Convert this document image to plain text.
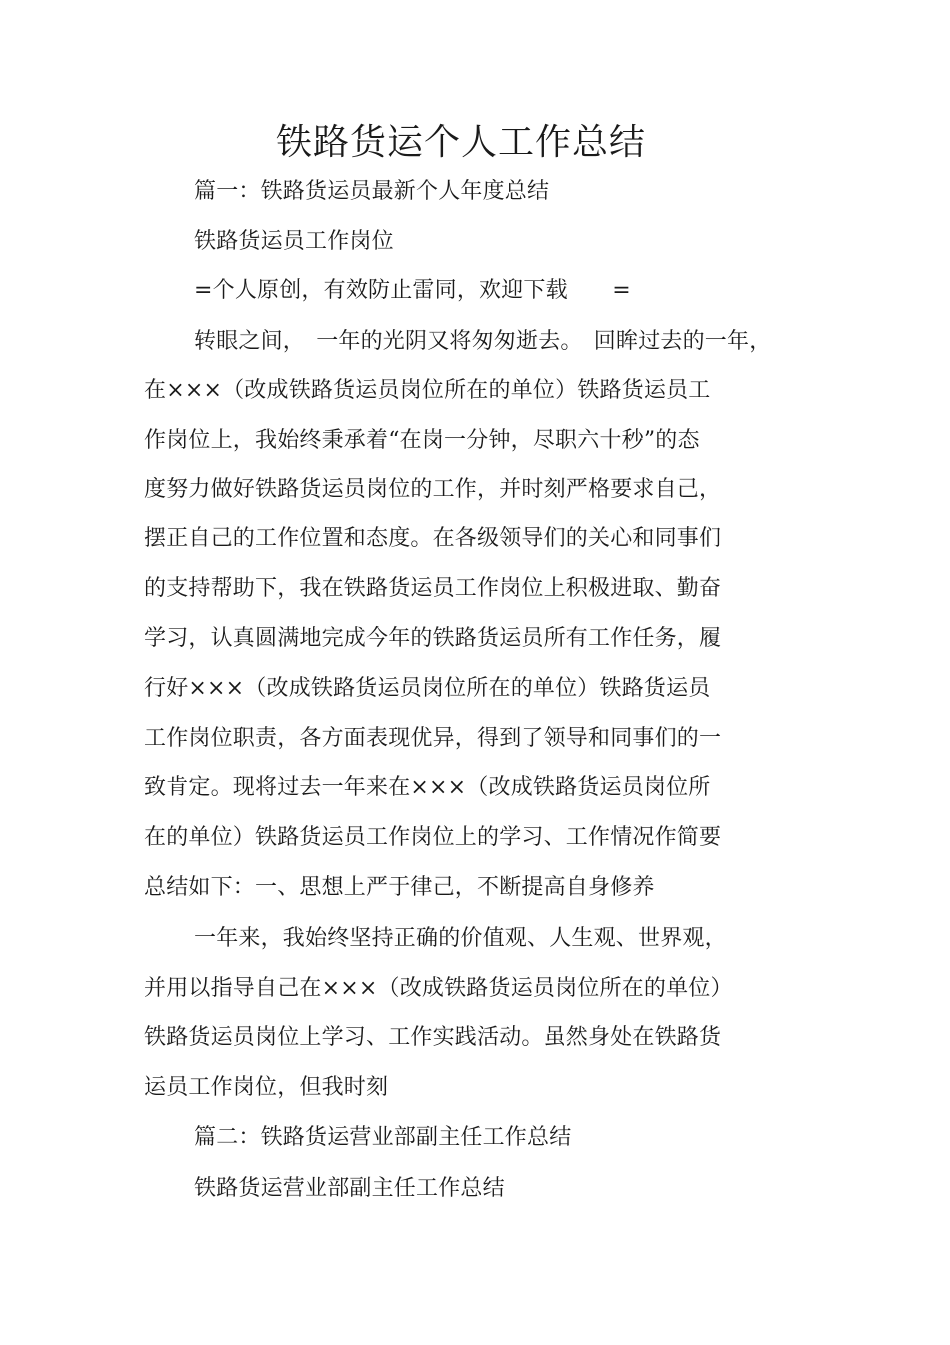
铁路货运个人工作总结
篇一：铁路货运员最新个人年度总结
铁路货运员工作岗位
=个人原创，有效防止雷同，欢迎下载　　=
转眼之间，　一年的光阴又将匆匆逝去。　回眸过去的一年，
在×××（改成铁路货运员岗位所在的单位）铁路货运员工
作岗位上，我始终秉承着“在岗一分钟，尽职六十秒”的态
度努力做好铁路货运员岗位的工作，并时刻严格要求自己，
摆正自己的工作位置和态度。在各级领导们的关心和同事们
的支持帮助下，我在铁路货运员工作岗位上积极进取、勤奋
学习，认真圆满地完成今年的铁路货运员所有工作任务，履
行好×××（改成铁路货运员岗位所在的单位）铁路货运员
工作岗位职责，各方面表现优异，得到了领导和同事们的一
致肯定。现将过去一年来在×××（改成铁路货运员岗位所
在的单位）铁路货运员工作岗位上的学习、工作情况作简要
总结如下：一、思想上严于律己，不断提高自身修养
一年来，我始终坚持正确的价值观、人生观、世界观，
并用以指导自己在×××（改成铁路货运员岗位所在的单位）
铁路货运员岗位上学习、工作实践活动。虽然身处在铁路货
运员工作岗位，但我时刻
篇二：铁路货运营业部副主任工作总结
铁路货运营业部副主任工作总结
